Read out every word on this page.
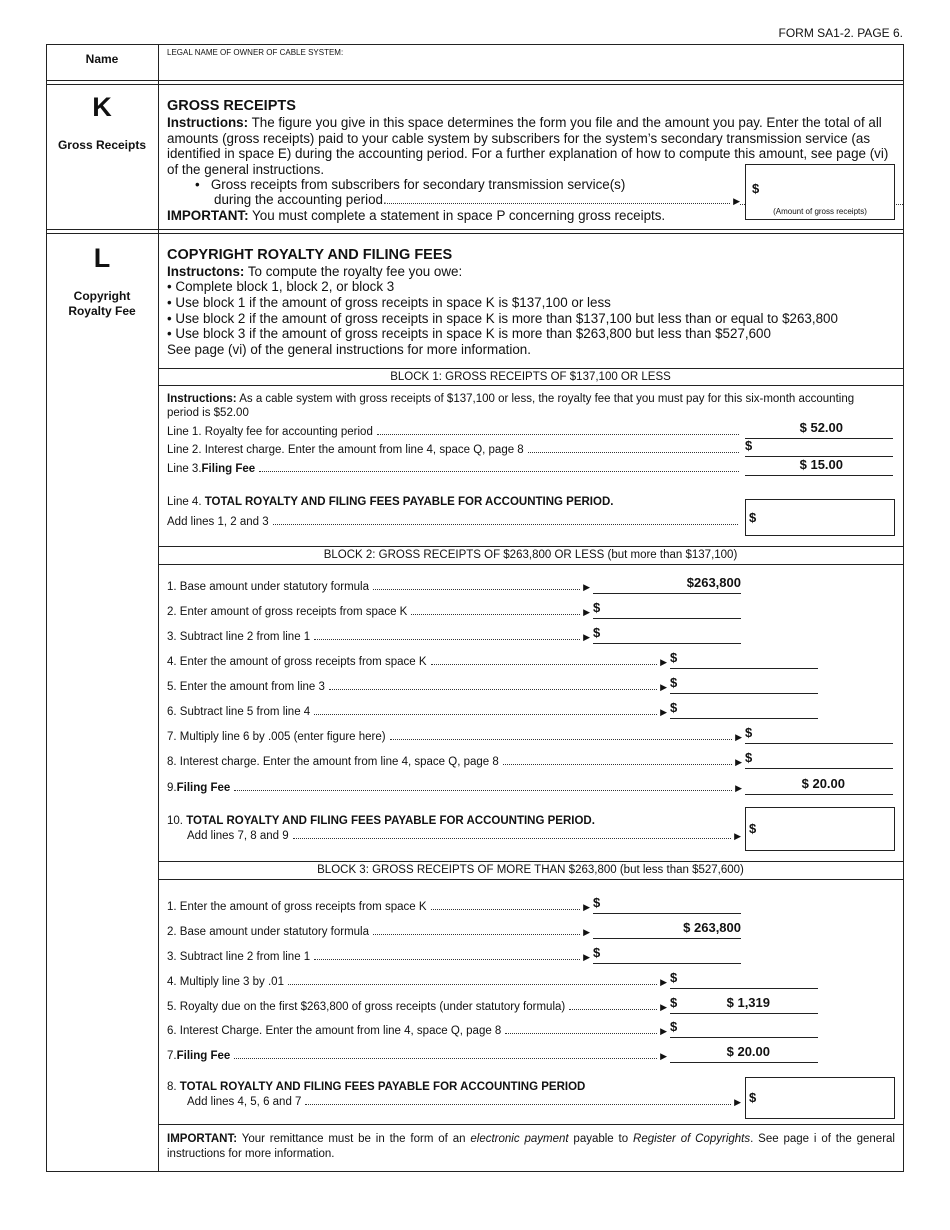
FORM SA1-2. PAGE 6.
Name	LEGAL NAME OF OWNER OF CABLE SYSTEM:
K
Gross Receipts
GROSS RECEIPTS
Instructions: The figure you give in this space determines the form you file and the amount you pay. Enter the total of all amounts (gross receipts) paid to your cable system by subscribers for the system’s secondary transmission service (as identified in space E) during the accounting period. For a further explanation of how to compute this amount, see page (vi) of the general instructions.
•   Gross receipts from subscribers for secondary transmission service(s)
during the accounting period.	▶
$
(Amount of gross receipts)
IMPORTANT: You must complete a statement in space P concerning gross receipts.
L
Copyright
Royalty Fee
COPYRIGHT ROYALTY AND FILING FEES
Instructons: To compute the royalty fee you owe:
• Complete block 1, block 2, or block 3
• Use block 1 if the amount of gross receipts in space K is $137,100 or less
• Use block 2 if the amount of gross receipts in space K is more than $137,100 but less than or equal to $263,800
• Use block 3 if the amount of gross receipts in space K is more than $263,800 but less than $527,600
See page (vi) of the general instructions for more information.
BLOCK 1: GROSS RECEIPTS OF $137,100 OR LESS
BLOCK 2: GROSS RECEIPTS OF $263,800 OR LESS (but more than $137,100)
BLOCK 3: GROSS RECEIPTS OF MORE THAN $263,800 (but less than $527,600)
Instructions: As a cable system with gross receipts of $137,100 or less, the royalty fee that you must pay for this six-month accounting period is $52.00
Line 1. Royalty fee for accounting period	$ 52.00
Line 2. Interest charge. Enter the amount from line 4, space Q, page 8	$
Line 3. Filing Fee	$ 15.00
Line 4. TOTAL ROYALTY AND FILING FEES PAYABLE FOR ACCOUNTING PERIOD.
Add lines 1, 2 and 3	$
1. Base amount under statutory formula	▶	$263,800
2. Enter amount of gross receipts from space K	▶ $
3. Subtract line 2 from line 1	▶ $
4. Enter the amount of gross receipts from space K	▶ $
5. Enter the amount from line 3	▶ $
6. Subtract line 5 from line 4	▶ $
7. Multiply line 6 by .005 (enter figure here)	▶ $
8. Interest charge. Enter the amount from line 4, space Q, page 8	▶ $
9. Filing Fee	▶	$ 20.00
10. TOTAL ROYALTY AND FILING FEES PAYABLE FOR ACCOUNTING PERIOD.
Add lines 7, 8 and 9	▶ $
1. Enter the amount of gross receipts from space K	▶ $
2. Base amount under statutory formula	▶	$ 263,800
3. Subtract line 2 from line 1	▶ $
4. Multiply line 3 by .01	▶ $
5. Royalty due on the first $263,800 of gross receipts (under statutory formula)	▶ $	$ 1,319
6. Interest Charge. Enter the amount from line 4, space Q, page 8	▶ $
7. Filing Fee	▶	$ 20.00
8. TOTAL ROYALTY AND FILING FEES PAYABLE FOR ACCOUNTING PERIOD
Add lines 4, 5, 6 and 7	▶ $
IMPORTANT: Your remittance must be in the form of an electronic payment payable to Register of Copyrights. See page i of the general instructions for more information.
